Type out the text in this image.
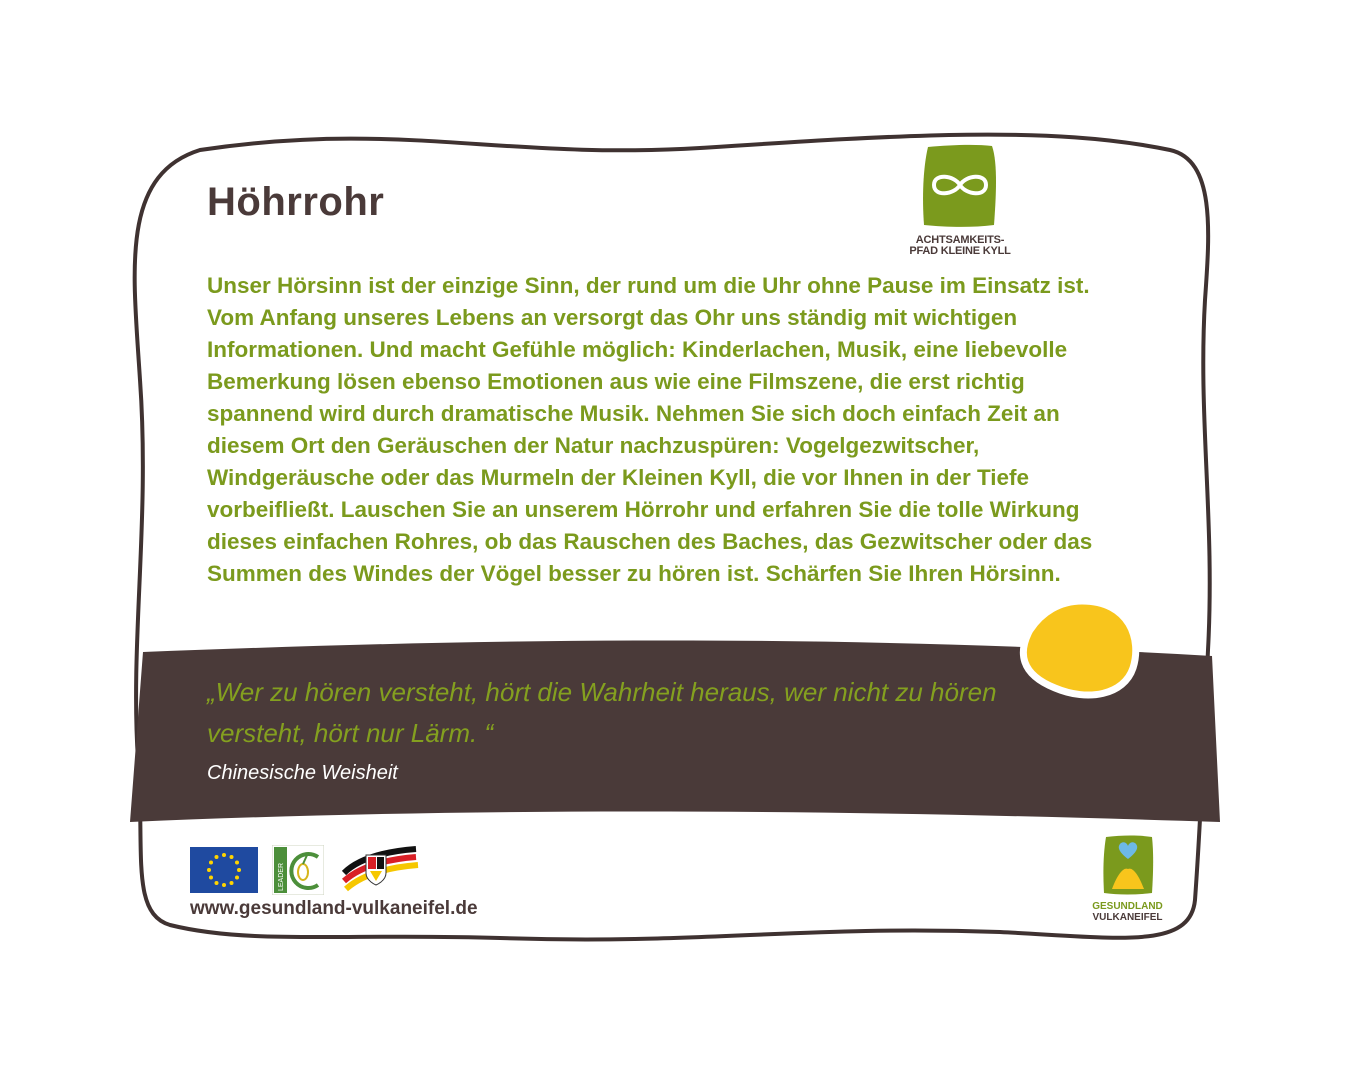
Höhrrohr
Unser Hörsinn ist der einzige Sinn, der rund um die Uhr ohne Pause im Einsatz ist. Vom Anfang unseres Lebens an versorgt das Ohr uns ständig mit wichtigen Informationen. Und macht Gefühle möglich: Kinderlachen, Musik, eine liebevolle Bemerkung lösen ebenso Emotionen aus wie eine Filmszene, die erst richtig spannend wird durch dramatische Musik. Nehmen Sie sich doch einfach Zeit an diesem Ort den Geräuschen der Natur nachzuspüren: Vogelgezwitscher, Windgeräusche oder das Murmeln der Kleinen Kyll, die vor Ihnen in der Tiefe vorbeifließt. Lauschen Sie an unserem Hörrohr und erfahren Sie die tolle Wirkung dieses einfachen Rohres, ob das Rauschen des Baches, das Gezwitscher oder das Summen des Windes der Vögel besser zu hören ist. Schärfen Sie Ihren Hörsinn.
„Wer zu hören versteht, hört die Wahrheit heraus, wer nicht zu hören versteht, hört nur Lärm. “
Chinesische Weisheit
ACHTSAMKEITS-
PFAD KLEINE KYLL
LEADER
www.gesundland-vulkaneifel.de	GESUNDLAND
VULKANEIFEL
